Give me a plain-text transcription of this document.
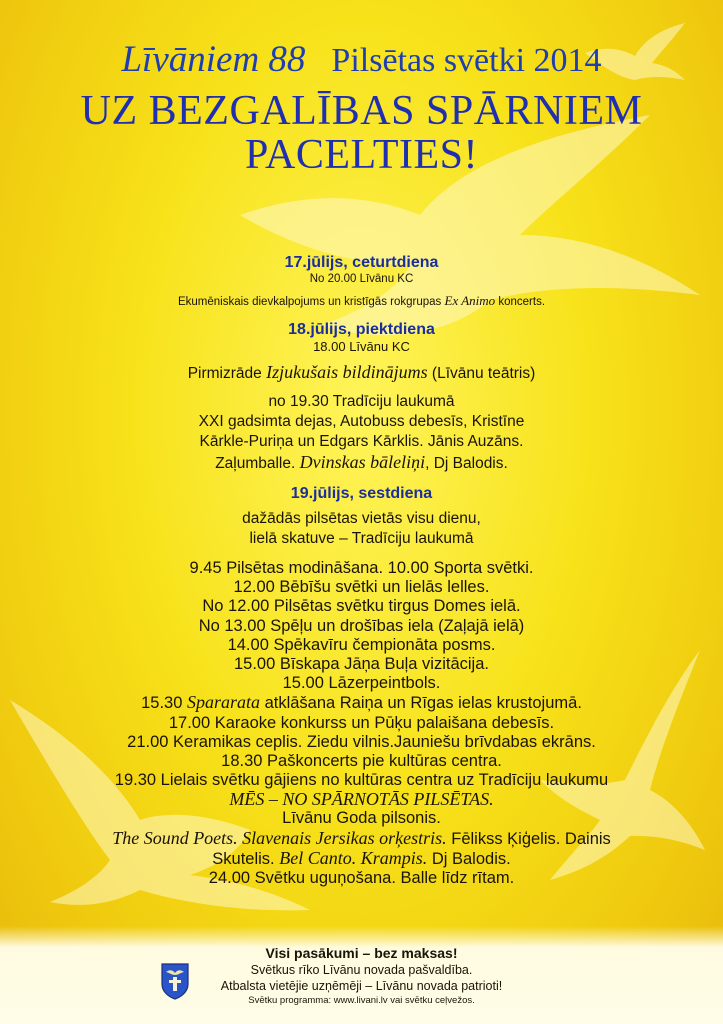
Līvāniem 88 Pilsētas svētki 2014
UZ BEZGALĪBAS SPĀRNIEM
PACELTIES!
17.jūlijs, ceturtdiena
No 20.00 Līvānu KC
Ekumēniskais dievkalpojums un kristīgās rokgrupas Ex Animo koncerts.
18.jūlijs, piektdiena
18.00 Līvānu KC
Pirmizrāde Izjukušais bildinājums (Līvānu teātris)
no 19.30 Tradīciju laukumā
XXI gadsimta dejas, Autobuss debesīs, Kristīne
Kārkle-Puriņa un Edgars Kārklis. Jānis Auzāns.
Zaļumballe. Dvinskas bāleliņi, Dj Balodis.
19.jūlijs, sestdiena
dažādās pilsētas vietās visu dienu,
lielā skatuve – Tradīciju laukumā
9.45 Pilsētas modināšana. 10.00 Sporta svētki.
12.00 Bēbīšu svētki un lielās lelles.
No 12.00 Pilsētas svētku tirgus Domes ielā.
No 13.00 Spēļu un drošības iela (Zaļajā ielā)
14.00 Spēkavīru čempionāta posms.
15.00 Bīskapa Jāņa Buļa vizitācija.
15.00 Lāzerpeintbols.
15.30 Spararata atklāšana Raiņa un Rīgas ielas krustojumā.
17.00 Karaoke konkurss un Pūķu palaišana debesīs.
21.00 Keramikas ceplis. Ziedu vilnis.Jauniešu brīvdabas ekrāns.
18.30 Paškoncerts pie kultūras centra.
19.30 Lielais svētku gājiens no kultūras centra uz Tradīciju laukumu
MĒS – NO SPĀRNOTĀS PILSĒTAS.
Līvānu Goda pilsonis.
The Sound Poets. Slavenais Jersikas orķestris. Fēlikss Ķiģelis. Dainis
Skutelis. Bel Canto. Krampis. Dj Balodis.
24.00 Svētku uguņošana. Balle līdz rītam.
Visi pasākumi – bez maksas!
Svētkus rīko Līvānu novada pašvaldība.
Atbalsta vietējie uzņēmēji – Līvānu novada patrioti!
Svētku programma: www.livani.lv vai svētku ceļvežos.
